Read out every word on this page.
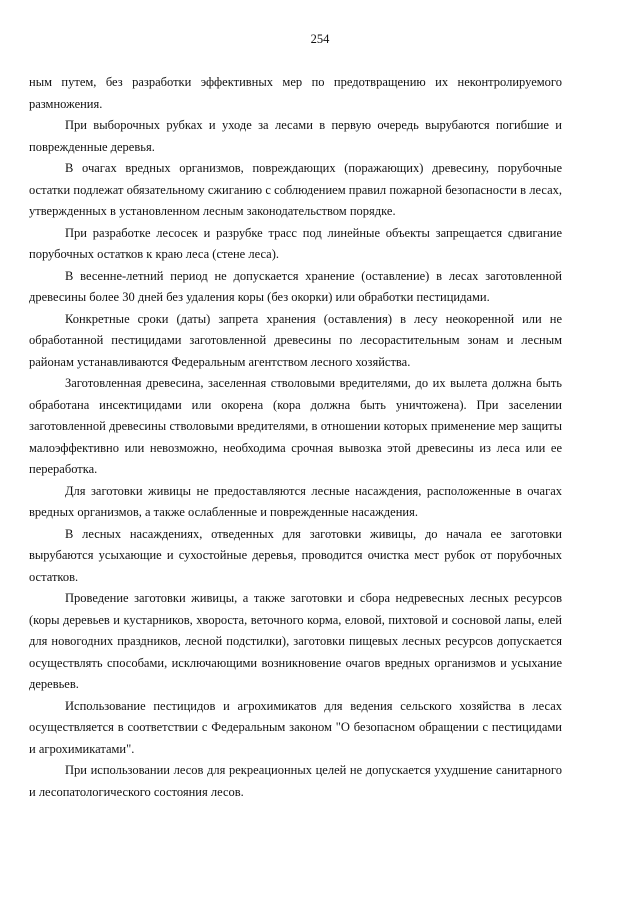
254

ным путем, без разработки эффективных мер по предотвращению их неконтролируемого размножения.

При выборочных рубках и уходе за лесами в первую очередь вырубаются погибшие и поврежденные деревья.

В очагах вредных организмов, повреждающих (поражающих) древесину, порубочные остатки подлежат обязательному сжиганию с соблюдением правил пожарной безопасности в лесах, утвержденных в установленном лесным законодательством порядке.

При разработке лесосек и разрубке трасс под линейные объекты запрещается сдвигание порубочных остатков к краю леса (стене леса).

В весенне-летний период не допускается хранение (оставление) в лесах заготовленной древесины более 30 дней без удаления коры (без окорки) или обработки пестицидами.

Конкретные сроки (даты) запрета хранения (оставления) в лесу неокоренной или не обработанной пестицидами заготовленной древесины по лесорастительным зонам и лесным районам устанавливаются Федеральным агентством лесного хозяйства.

Заготовленная древесина, заселенная стволовыми вредителями, до их вылета должна быть обработана инсектицидами или окорена (кора должна быть уничтожена). При заселении заготовленной древесины стволовыми вредителями, в отношении которых применение мер защиты малоэффективно или невозможно, необходима срочная вывозка этой древесины из леса или ее переработка.

Для заготовки живицы не предоставляются лесные насаждения, расположенные в очагах вредных организмов, а также ослабленные и поврежденные насаждения.

В лесных насаждениях, отведенных для заготовки живицы, до начала ее заготовки вырубаются усыхающие и сухостойные деревья, проводится очистка мест рубок от порубочных остатков.

Проведение заготовки живицы, а также заготовки и сбора недревесных лесных ресурсов (коры деревьев и кустарников, хвороста, веточного корма, еловой, пихтовой и сосновой лапы, елей для новогодних праздников, лесной подстилки), заготовки пищевых лесных ресурсов допускается осуществлять способами, исключающими возникновение очагов вредных организмов и усыхание деревьев.

Использование пестицидов и агрохимикатов для ведения сельского хозяйства в лесах осуществляется в соответствии с Федеральным законом "О безопасном обращении с пестицидами и агрохимикатами".

При использовании лесов для рекреационных целей не допускается ухудшение санитарного и лесопатологического состояния лесов.
